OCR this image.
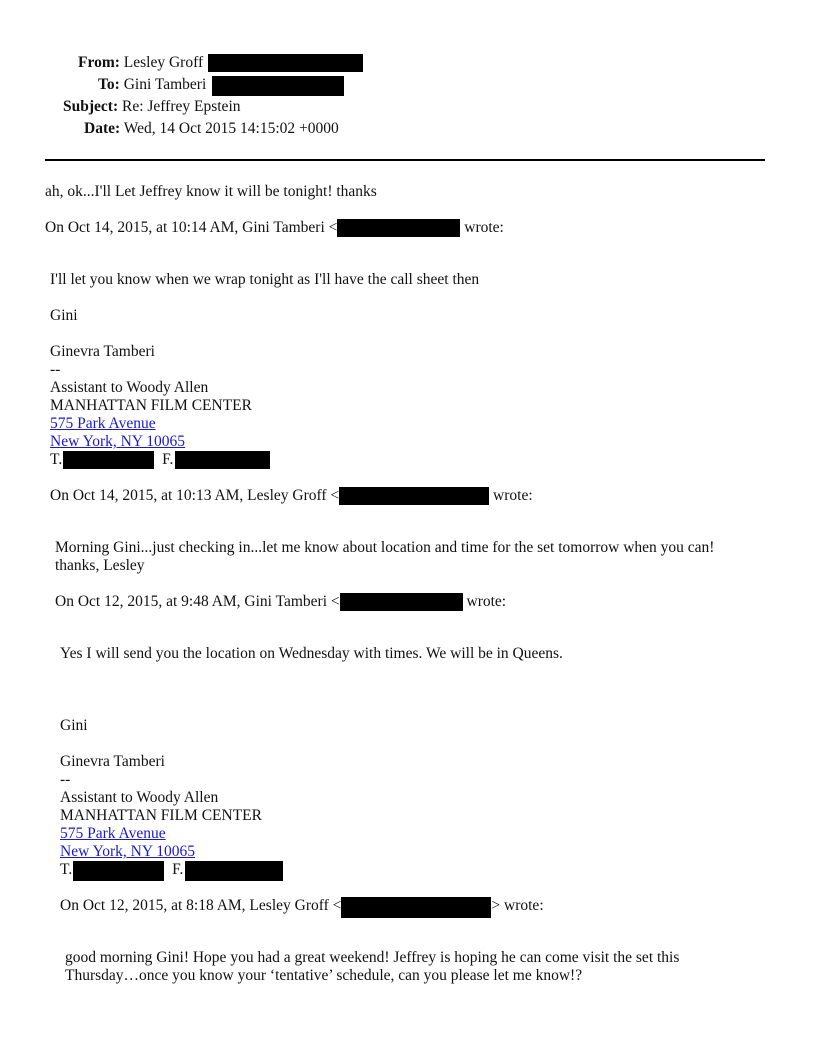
From: Lesley Groff
To: Gini Tamberi
Subject: Re: Jeffrey Epstein
Date: Wed, 14 Oct 2015 14:15:02 +0000
ah, ok...I'll Let Jeffrey know it will be tonight! thanks
On Oct 14, 2015, at 10:14 AM, Gini Tamberi <	wrote:
I'll let you know when we wrap tonight as I'll have the call sheet then
Gini
Ginevra Tamberi
--
Assistant to Woody Allen
MANHATTAN FILM CENTER
575 Park Avenue
New York, NY 10065
T.	F.
On Oct 14, 2015, at 10:13 AM, Lesley Groff <	wrote:
Morning Gini...just checking in...let me know about location and time for the set tomorrow when you can!
thanks, Lesley
On Oct 12, 2015, at 9:48 AM, Gini Tamberi <	wrote:
Yes I will send you the location on Wednesday with times. We will be in Queens.
Gini
Ginevra Tamberi
--
Assistant to Woody Allen
MANHATTAN FILM CENTER
575 Park Avenue
New York, NY 10065
T.	F.
On Oct 12, 2015, at 8:18 AM, Lesley Groff <	> wrote:
good morning Gini! Hope you had a great weekend! Jeffrey is hoping he can come visit the set this
Thursday…once you know your ‘tentative’ schedule, can you please let me know!?
